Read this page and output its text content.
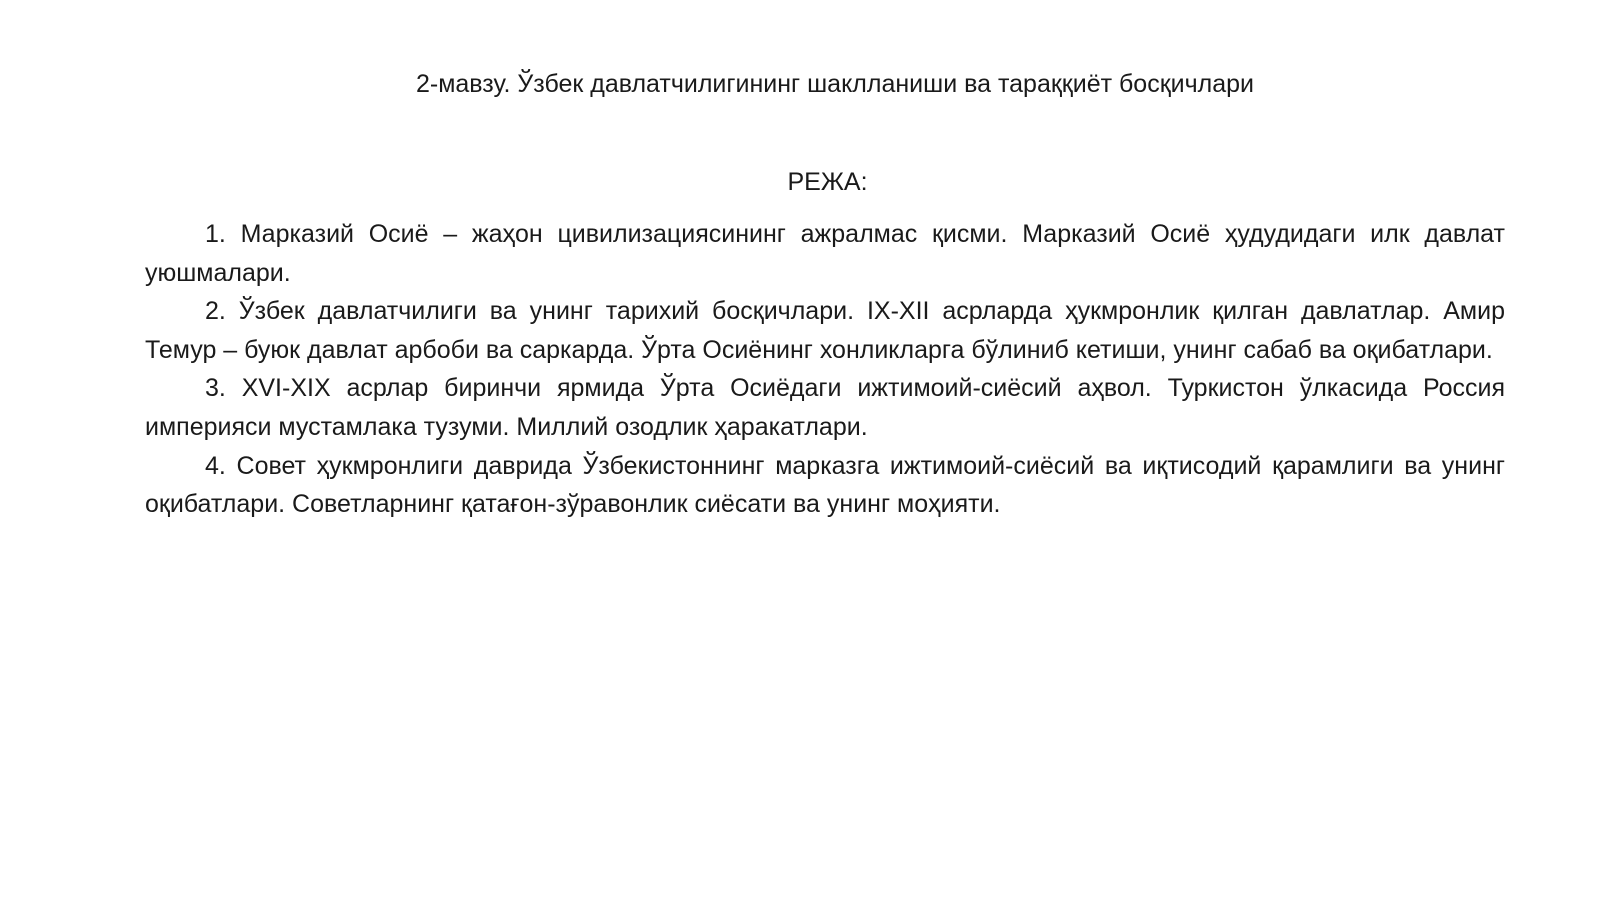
2-мавзу. Ўзбек давлатчилигининг шаклланиши ва тараққиёт босқичлари
РЕЖА:

1. Марказий Осиё – жаҳон цивилизациясининг ажралмас қисми. Марказий Осиё ҳудудидаги илк давлат уюшмалари.

2. Ўзбек давлатчилиги ва унинг тарихий босқичлари. IX-XII асрларда ҳукмронлик қилган давлатлар. Амир Темур – буюк давлат арбоби ва саркарда. Ўрта Осиёнинг хонликларга бўлиниб кетиши, унинг сабаб ва оқибатлари.

3. XVI-XIX асрлар биринчи ярмида Ўрта Осиёдаги ижтимоий-сиёсий аҳвол. Туркистон ўлкасида Россия империяси мустамлака тузуми. Миллий озодлик ҳаракатлари.

4. Совет ҳукмронлиги даврида Ўзбекистоннинг марказга ижтимоий-сиёсий ва иқтисодий қарамлиги ва унинг оқибатлари. Советларнинг қатағон-зўравонлик сиёсати ва унинг моҳияти.
